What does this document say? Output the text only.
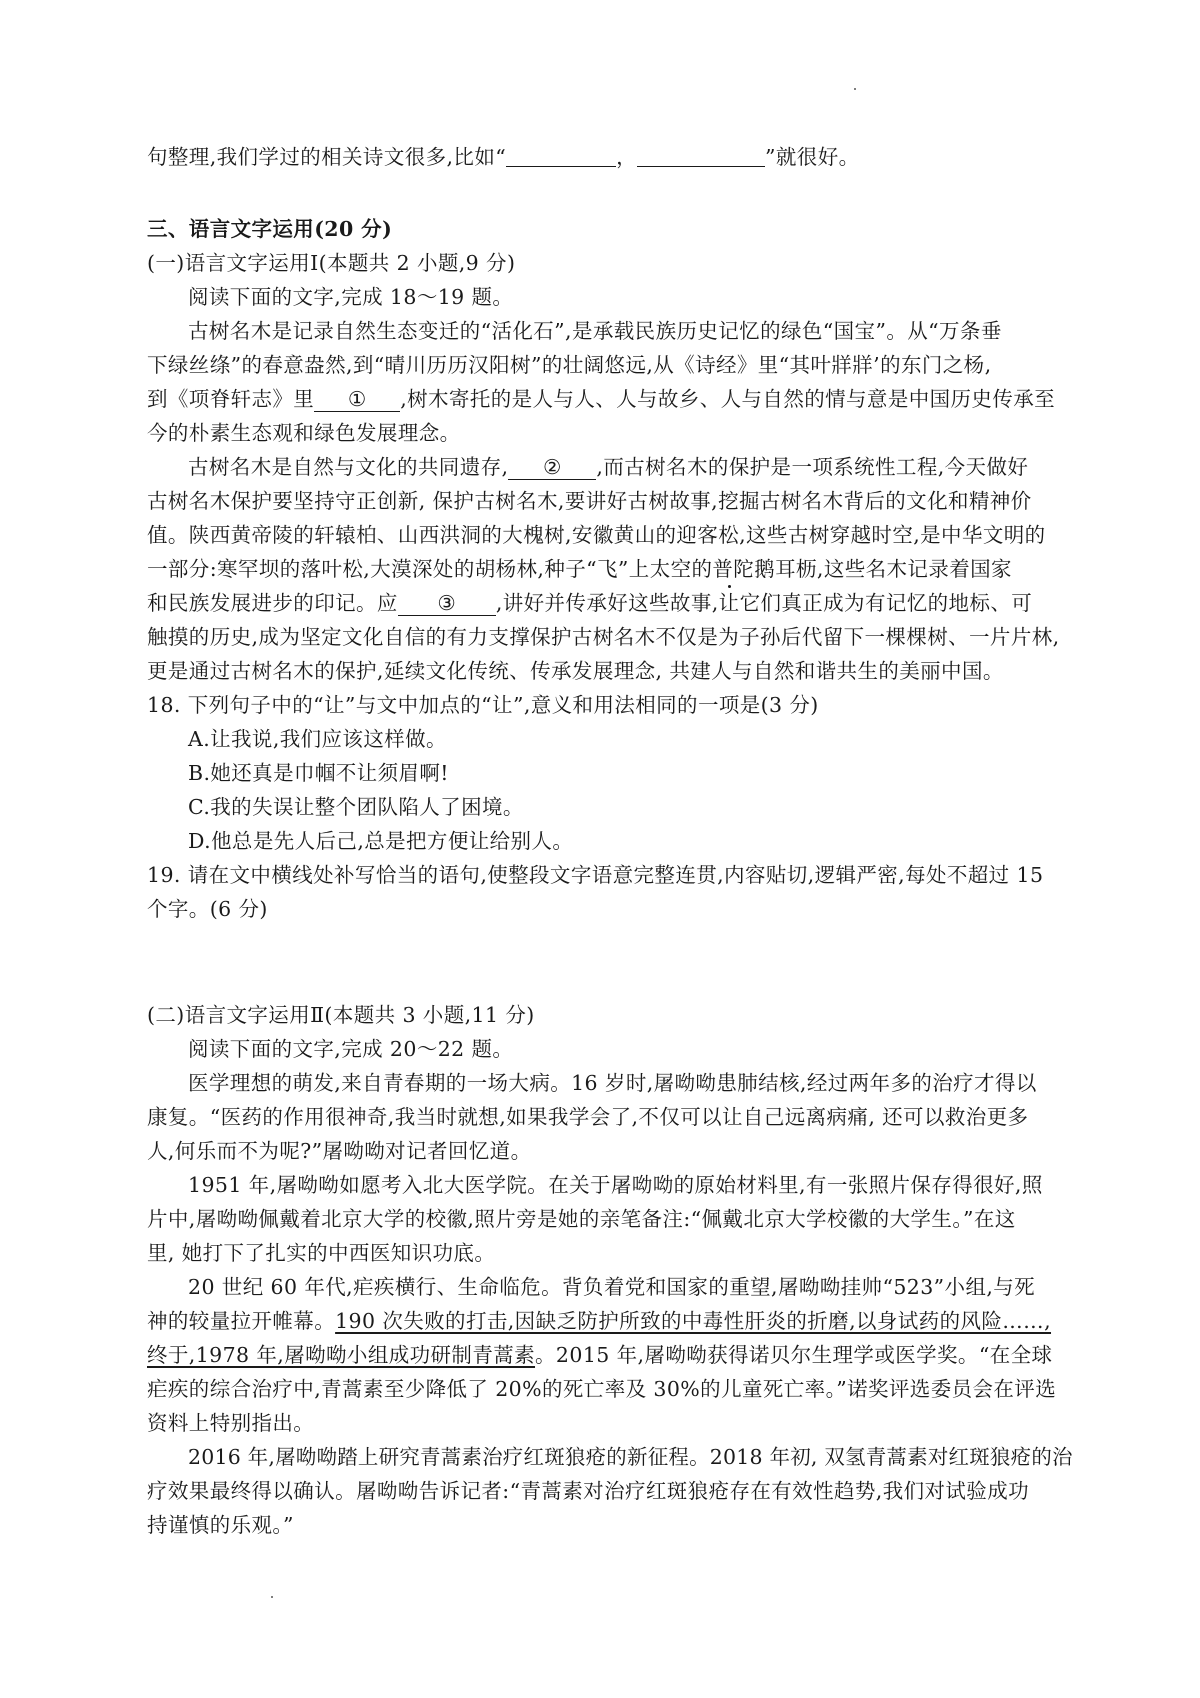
句整理,我们学过的相关诗文很多,比如“	，	”就很好。
三、语言文字运用(20 分)
(一)语言文字运用Ⅰ(本题共 2 小题,9 分)
阅读下面的文字,完成 18～19 题。
古树名木是记录自然生态变迁的“活化石”,是承载民族历史记忆的绿色“国宝”。从“万条垂
下绿丝绦”的春意盎然,到“晴川历历汉阳树”的壮阔悠远,从《诗经》里“其叶牂牂’的东门之杨,
到《项脊轩志》里 ① ,树木寄托的是人与人、人与故乡、人与自然的情与意是中国历史传承至
今的朴素生态观和绿色发展理念。
古树名木是自然与文化的共同遗存, ② ,而古树名木的保护是一项系统性工程,今天做好
古树名木保护要坚持守正创新, 保护古树名木,要讲好古树故事,挖掘古树名木背后的文化和精神价
值。陕西黄帝陵的轩辕柏、山西洪洞的大槐树,安徽黄山的迎客松,这些古树穿越时空,是中华文明的
一部分:寒罕坝的落叶松,大漠深处的胡杨林,种子“飞”上太空的普陀鹅耳枥,这些名木记录着国家
和民族发展进步的印记。应 ③ ,讲好并传承好这些故事,让它们真正成为有记忆的地标、可
触摸的历史,成为坚定文化自信的有力支撑保护古树名木不仅是为子孙后代留下一棵棵树、一片片林,
更是通过古树名木的保护,延续文化传统、传承发展理念, 共建人与自然和谐共生的美丽中国。
18. 下列句子中的“让”与文中加点的“让”,意义和用法相同的一项是(3 分)
A.让我说,我们应该这样做。
B.她还真是巾帼不让须眉啊!
C.我的失误让整个团队陷人了困境。
D.他总是先人后己,总是把方便让给别人。
19. 请在文中横线处补写恰当的语句,使整段文字语意完整连贯,内容贴切,逻辑严密,每处不超过 15
个字。(6 分)
(二)语言文字运用Ⅱ(本题共 3 小题,11 分)
阅读下面的文字,完成 20～22 题。
医学理想的萌发,来自青春期的一场大病。16 岁时,屠呦呦患肺结核,经过两年多的治疗才得以
康复。“医药的作用很神奇,我当时就想,如果我学会了,不仅可以让自己远离病痛, 还可以救治更多
人,何乐而不为呢?”屠呦呦对记者回忆道。
1951 年,屠呦呦如愿考入北大医学院。在关于屠呦呦的原始材料里,有一张照片保存得很好,照
片中,屠呦呦佩戴着北京大学的校徽,照片旁是她的亲笔备注:“佩戴北京大学校徽的大学生。”在这
里, 她打下了扎实的中西医知识功底。
20 世纪 60 年代,疟疾横行、生命临危。背负着党和国家的重望,屠呦呦挂帅“523”小组,与死
神的较量拉开帷幕。190 次失败的打击,因缺乏防护所致的中毒性肝炎的折磨,以身试药的风险……,
终于,1978 年,屠呦呦小组成功研制青蒿素。2015 年,屠呦呦获得诺贝尔生理学或医学奖。“在全球
疟疾的综合治疗中,青蒿素至少降低了 20%的死亡率及 30%的儿童死亡率。”诺奖评选委员会在评选
资料上特别指出。
2016 年,屠呦呦踏上研究青蒿素治疗红斑狼疮的新征程。2018 年初, 双氢青蒿素对红斑狼疮的治
疗效果最终得以确认。屠呦呦告诉记者:“青蒿素对治疗红斑狼疮存在有效性趋势,我们对试验成功
持谨慎的乐观。”
